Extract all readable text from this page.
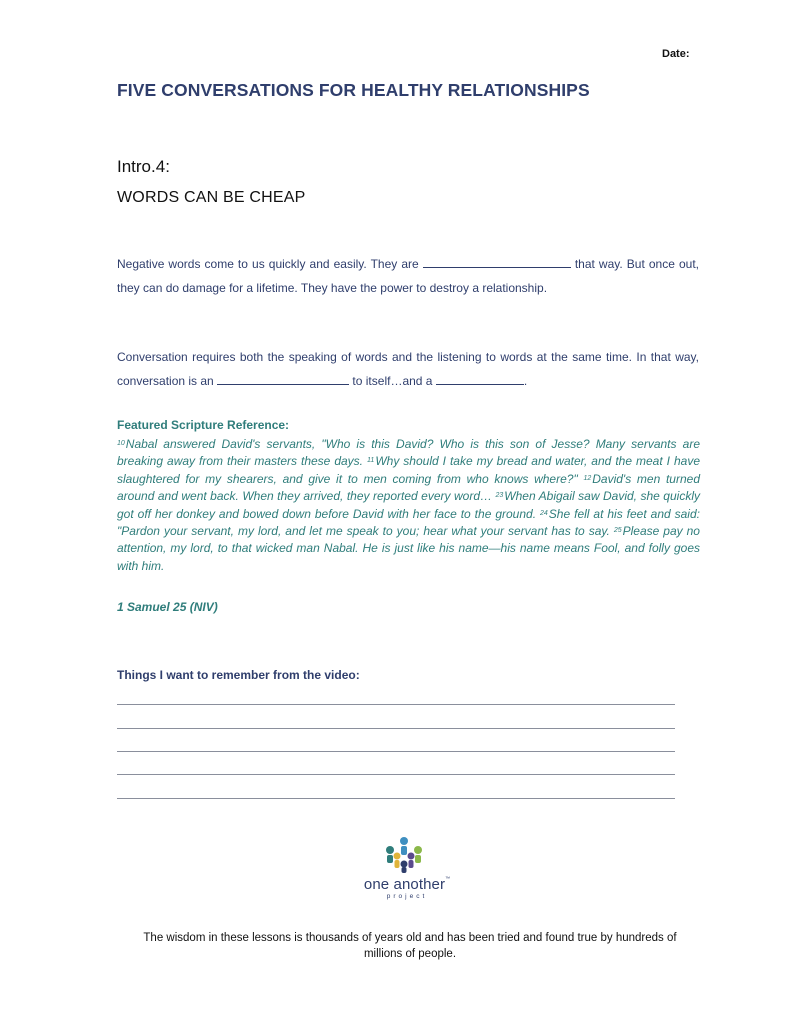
Date:
FIVE CONVERSATIONS FOR HEALTHY RELATIONSHIPS
Intro.4:
WORDS CAN BE CHEAP
Negative words come to us quickly and easily. They are	that way. But once out, they can do damage for a lifetime. They have the power to destroy a relationship.
Conversation requires both the speaking of words and the listening to words at the same time. In that way, conversation is an	to itself…and a	.
Featured Scripture Reference:
$^{10}$Nabal answered David's servants, "Who is this David? Who is this son of Jesse? Many servants are breaking away from their masters these days. $^{11}$Why should I take my bread and water, and the meat I have slaughtered for my shearers, and give it to men coming from who knows where?" $^{12}$David's men turned around and went back. When they arrived, they reported every word… $^{23}$When Abigail saw David, she quickly got off her donkey and bowed down before David with her face to the ground. $^{24}$She fell at his feet and said: "Pardon your servant, my lord, and let me speak to you; hear what your servant has to say. $^{25}$Please pay no attention, my lord, to that wicked man Nabal. He is just like his name—his name means Fool, and folly goes with him.
1 Samuel 25 (NIV)
Things I want to remember from the video:
one another™
project
The wisdom in these lessons is thousands of years old and has been tried and found true by hundreds of millions of people.
